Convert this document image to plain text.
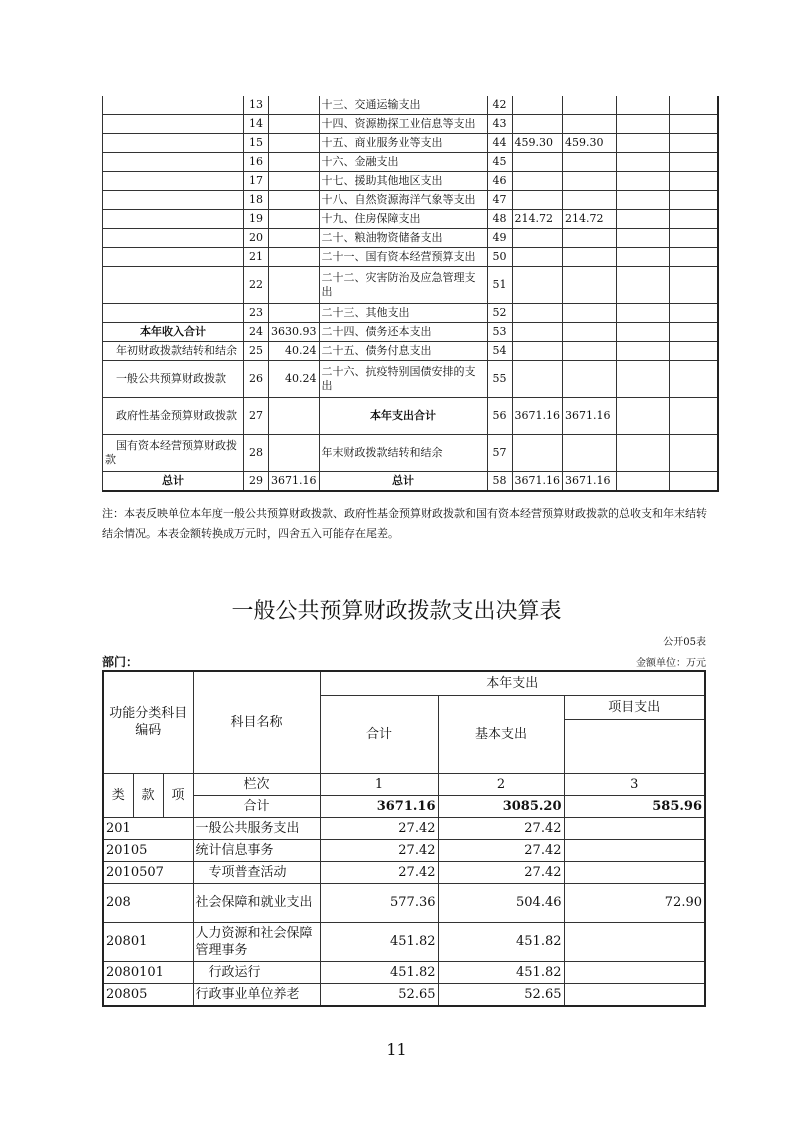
	13		十三、交通运输支出	42				
	14		十四、资源勘探工业信息等支出	43				
	15		十五、商业服务业等支出	44	459.30	459.30		
	16		十六、金融支出	45				
	17		十七、援助其他地区支出	46				
	18		十八、自然资源海洋气象等支出	47				
	19		十九、住房保障支出	48	214.72	214.72		
	20		二十、粮油物资储备支出	49				
	21		二十一、国有资本经营预算支出	50				
	22		二十二、灾害防治及应急管理支出	51				
	23		二十三、其他支出	52				
本年收入合计	24	3630.93	二十四、债务还本支出	53				
年初财政拨款结转和结余	25	40.24	二十五、债务付息支出	54				
一般公共预算财政拨款	26	40.24	二十六、抗疫特别国债安排的支出	55				
政府性基金预算财政拨款	27		本年支出合计	56	3671.16	3671.16		
国有资本经营预算财政拨款	28		年末财政拨款结转和结余	57				
总计	29	3671.16	总计	58	3671.16	3671.16		
注：本表反映单位本年度一般公共预算财政拨款、政府性基金预算财政拨款和国有资本经营预算财政拨款的总收支和年末结转结余情况。本表金额转换成万元时，四舍五入可能存在尾差。
一般公共预算财政拨款支出决算表
公开05表
部门：	金额单位：万元
功能分类科目编码			科目名称	本年支出		
				合计	基本支出	项目支出

类	款	项	栏次	1	2	3
			合计	3671.16	3085.20	585.96
201			一般公共服务支出	27.42	27.42	
20105			统计信息事务	27.42	27.42	
2010507			　专项普查活动	27.42	27.42	
208			社会保障和就业支出	577.36	504.46	72.90
20801			人力资源和社会保障管理事务	451.82	451.82	
2080101			　行政运行	451.82	451.82	
20805			行政事业单位养老	52.65	52.65	
11
